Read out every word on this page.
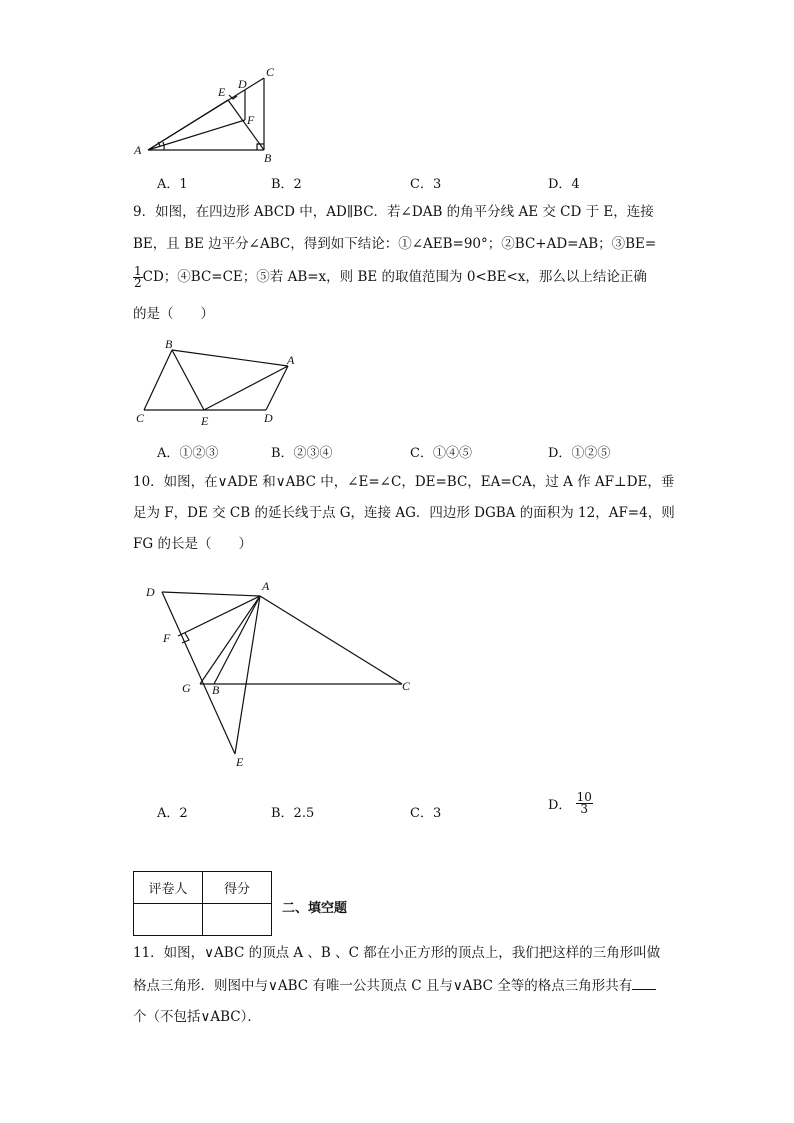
A
B
C
D
E
F
A．1	B．2	C．3	D．4
9．如图，在四边形 ABCD 中，AD∥BC．若∠DAB 的角平分线 AE 交 CD 于 E，连接
BE，且 BE 边平分∠ABC，得到如下结论：①∠AEB=90°；②BC+AD=AB；③BE=
$\frac{1}{2}$ CD；④BC=CE；⑤若 AB=x，则 BE 的取值范围为 0<BE<x，那么以上结论正确
的是（　　）
B
A
C	E	D
A．①②③	B．②③④	C．①④⑤	D．①②⑤
10．如图，在∨ADE 和∨ABC 中，∠E=∠C，DE=BC，EA=CA，过 A 作 AF⊥DE，垂
足为 F，DE 交 CB 的延长线于点 G，连接 AG．四边形 DGBA 的面积为 12，AF=4，则
FG 的长是（　　）
D	A
F
G B	C
E
A．2	B．2.5	C．3
D． $\frac{10}{3}$
评卷人	得分

二、填空题
11．如图，∨ABC 的顶点 A 、B 、C 都在小正方形的顶点上，我们把这样的三角形叫做
格点三角形．则图中与∨ABC 有唯一公共顶点 C 且与∨ABC 全等的格点三角形共有
个（不包括∨ABC）．
